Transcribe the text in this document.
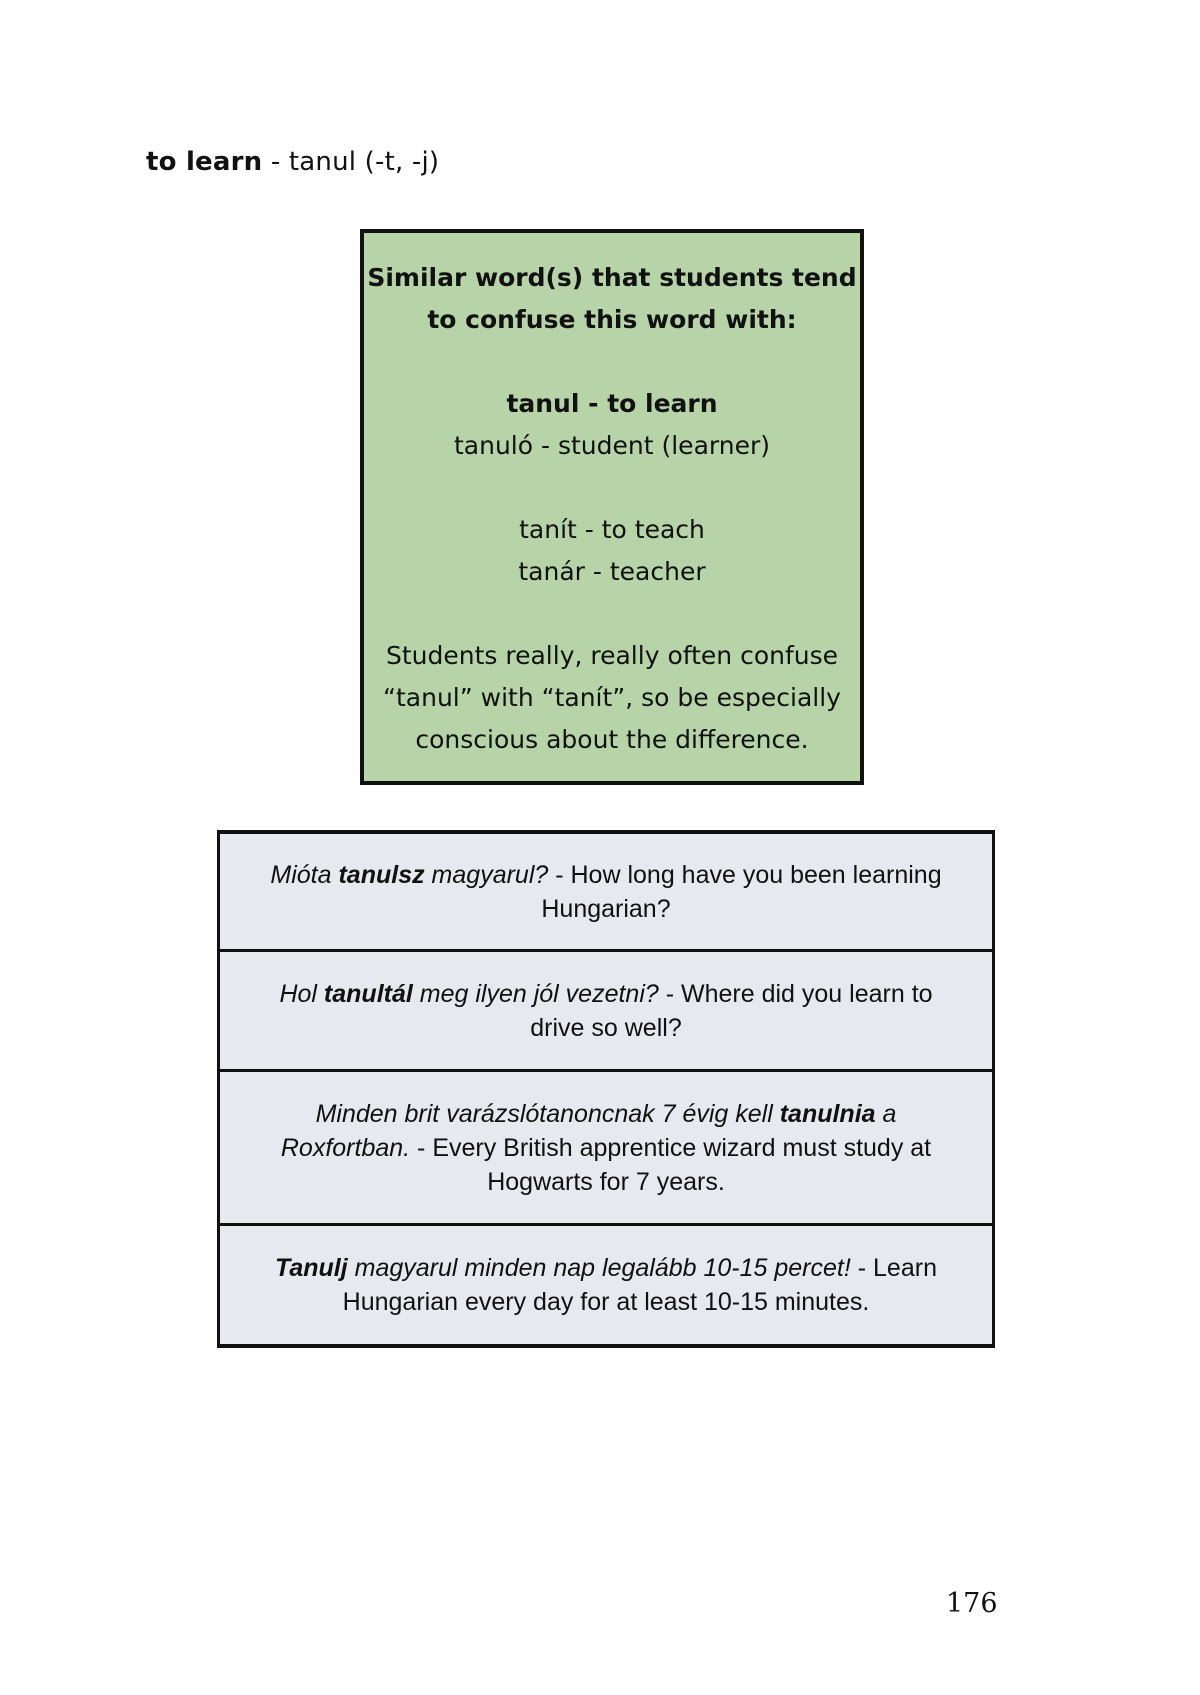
to learn - tanul (-t, -j)
Similar word(s) that students tend
to confuse this word with:
tanul - to learn
tanuló - student (learner)
tanít - to teach
tanár - teacher
Students really, really often confuse
“tanul” with “tanít”, so be especially
conscious about the difference.
Mióta tanulsz magyarul? - How long have you been learning Hungarian?
Hol tanultál meg ilyen jól vezetni? - Where did you learn to drive so well?
Minden brit varázslótanoncnak 7 évig kell tanulnia a Roxfortban. - Every British apprentice wizard must study at Hogwarts for 7 years.
Tanulj magyarul minden nap legalább 10-15 percet! - Learn Hungarian every day for at least 10-15 minutes.
176
